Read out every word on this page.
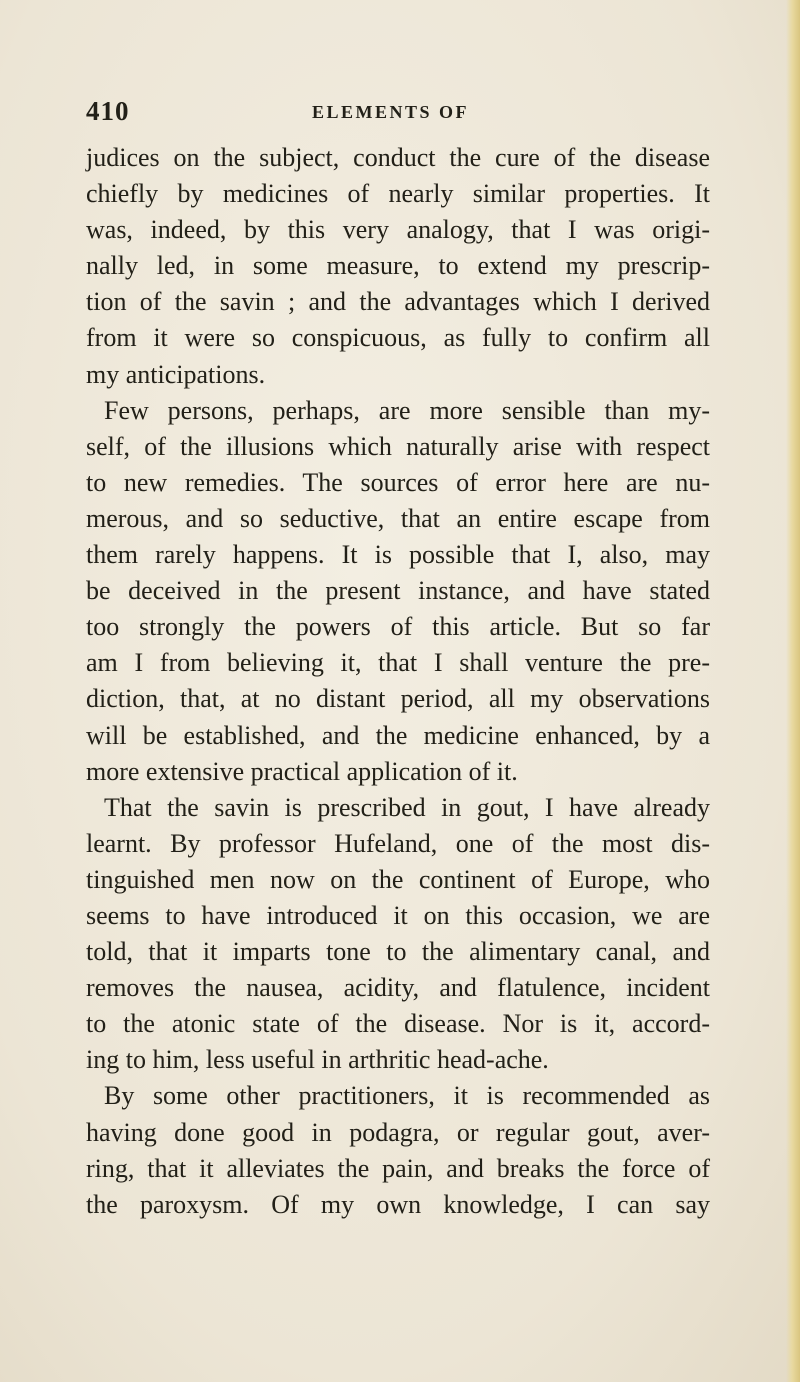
410	ELEMENTS OF
judices on the subject, conduct the cure of the disease
chiefly by medicines of nearly similar properties. It
was, indeed, by this very analogy, that I was origi-
nally led, in some measure, to extend my prescrip-
tion of the savin ; and the advantages which I derived
from it were so conspicuous, as fully to confirm all
my anticipations.
Few persons, perhaps, are more sensible than my-
self, of the illusions which naturally arise with respect
to new remedies. The sources of error here are nu-
merous, and so seductive, that an entire escape from
them rarely happens. It is possible that I, also, may
be deceived in the present instance, and have stated
too strongly the powers of this article. But so far
am I from believing it, that I shall venture the pre-
diction, that, at no distant period, all my observations
will be established, and the medicine enhanced, by a
more extensive practical application of it.
That the savin is prescribed in gout, I have already
learnt. By professor Hufeland, one of the most dis-
tinguished men now on the continent of Europe, who
seems to have introduced it on this occasion, we are
told, that it imparts tone to the alimentary canal, and
removes the nausea, acidity, and flatulence, incident
to the atonic state of the disease. Nor is it, accord-
ing to him, less useful in arthritic head-ache.
By some other practitioners, it is recommended as
having done good in podagra, or regular gout, aver-
ring, that it alleviates the pain, and breaks the force of
the paroxysm. Of my own knowledge, I can say
